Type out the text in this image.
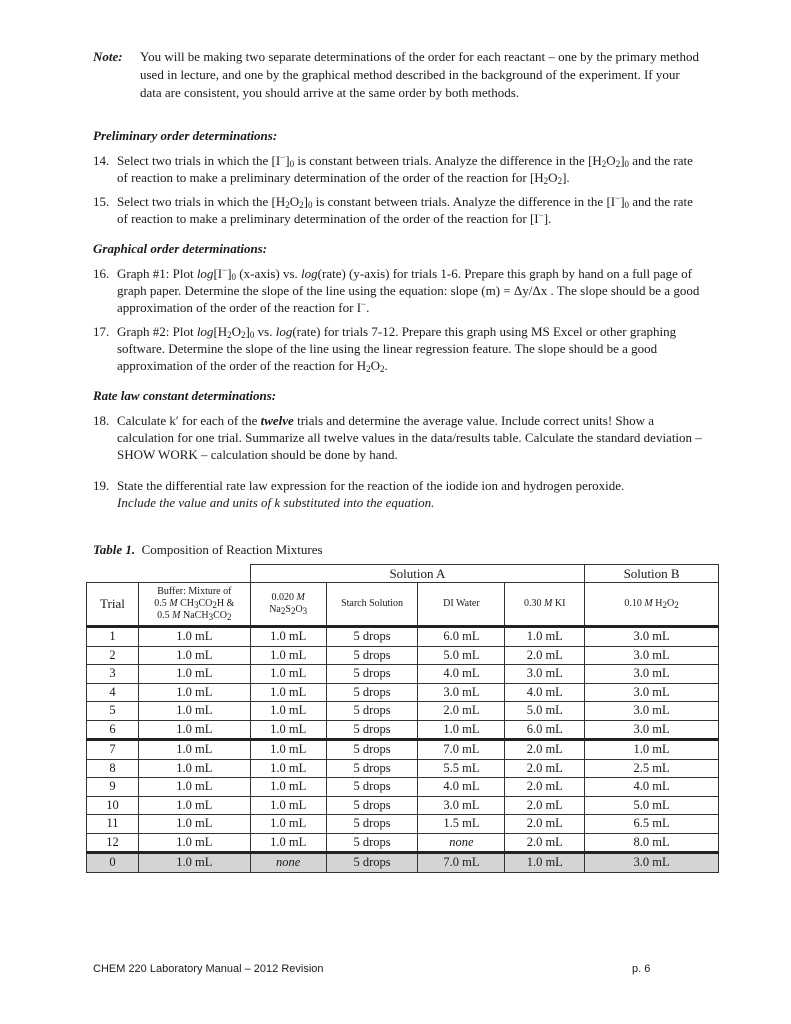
Note: You will be making two separate determinations of the order for each reactant – one by the primary method used in lecture, and one by the graphical method described in the background of the experiment. If your data are consistent, you should arrive at the same order by both methods.
Preliminary order determinations:
14. Select two trials in which the $[I^-]_0$ is constant between trials. Analyze the difference in the $[H_2O_2]_0$ and the rate of reaction to make a preliminary determination of the order of the reaction for $[H_2O_2]$.
15. Select two trials in which the $[H_2O_2]_0$ is constant between trials. Analyze the difference in the $[I^-]_0$ and the rate of reaction to make a preliminary determination of the order of the reaction for [I−].
Graphical order determinations:
16. Graph #1: Plot $\log[I^-]_0$ (x-axis) vs. log(rate) (y-axis) for trials 1-6. Prepare this graph by hand on a full page of graph paper. Determine the slope of the line using the equation: slope (m) = Δy/Δx . The slope should be a good approximation of the order of the reaction for I−.
17. Graph #2: Plot $\log[H_2O_2]_0$ vs. log(rate) for trials 7-12. Prepare this graph using MS Excel or other graphing software. Determine the slope of the line using the linear regression feature. The slope should be a good approximation of the order of the reaction for $H_2O_2$.
Rate law constant determinations:
18. Calculate k′ for each of the twelve trials and determine the average value. Include correct units! Show a calculation for one trial. Summarize all twelve values in the data/results table. Calculate the standard deviation – SHOW WORK – calculation should be done by hand.
19. State the differential rate law expression for the reaction of the iodide ion and hydrogen peroxide.
Include the value and units of k substituted into the equation.
Table 1. Composition of Reaction Mixtures
		Solution A				Solution B
Trial	Buffer: Mixture of
0.5 M $CH_3CO_2H$ &
0.5 M $NaCH_3CO_2$	0.020 M
$Na_2S_2O_3$	Starch Solution	DI Water	0.30 M KI	0.10 M $H_2O_2$
1	1.0 mL	1.0 mL	5 drops	6.0 mL	1.0 mL	3.0 mL
2	1.0 mL	1.0 mL	5 drops	5.0 mL	2.0 mL	3.0 mL
3	1.0 mL	1.0 mL	5 drops	4.0 mL	3.0 mL	3.0 mL
4	1.0 mL	1.0 mL	5 drops	3.0 mL	4.0 mL	3.0 mL
5	1.0 mL	1.0 mL	5 drops	2.0 mL	5.0 mL	3.0 mL
6	1.0 mL	1.0 mL	5 drops	1.0 mL	6.0 mL	3.0 mL
7	1.0 mL	1.0 mL	5 drops	7.0 mL	2.0 mL	1.0 mL
8	1.0 mL	1.0 mL	5 drops	5.5 mL	2.0 mL	2.5 mL
9	1.0 mL	1.0 mL	5 drops	4.0 mL	2.0 mL	4.0 mL
10	1.0 mL	1.0 mL	5 drops	3.0 mL	2.0 mL	5.0 mL
11	1.0 mL	1.0 mL	5 drops	1.5 mL	2.0 mL	6.5 mL
12	1.0 mL	1.0 mL	5 drops	none	2.0 mL	8.0 mL
0	1.0 mL	none	5 drops	7.0 mL	1.0 mL	3.0 mL
CHEM 220 Laboratory Manual – 2012 Revision	p. 6
